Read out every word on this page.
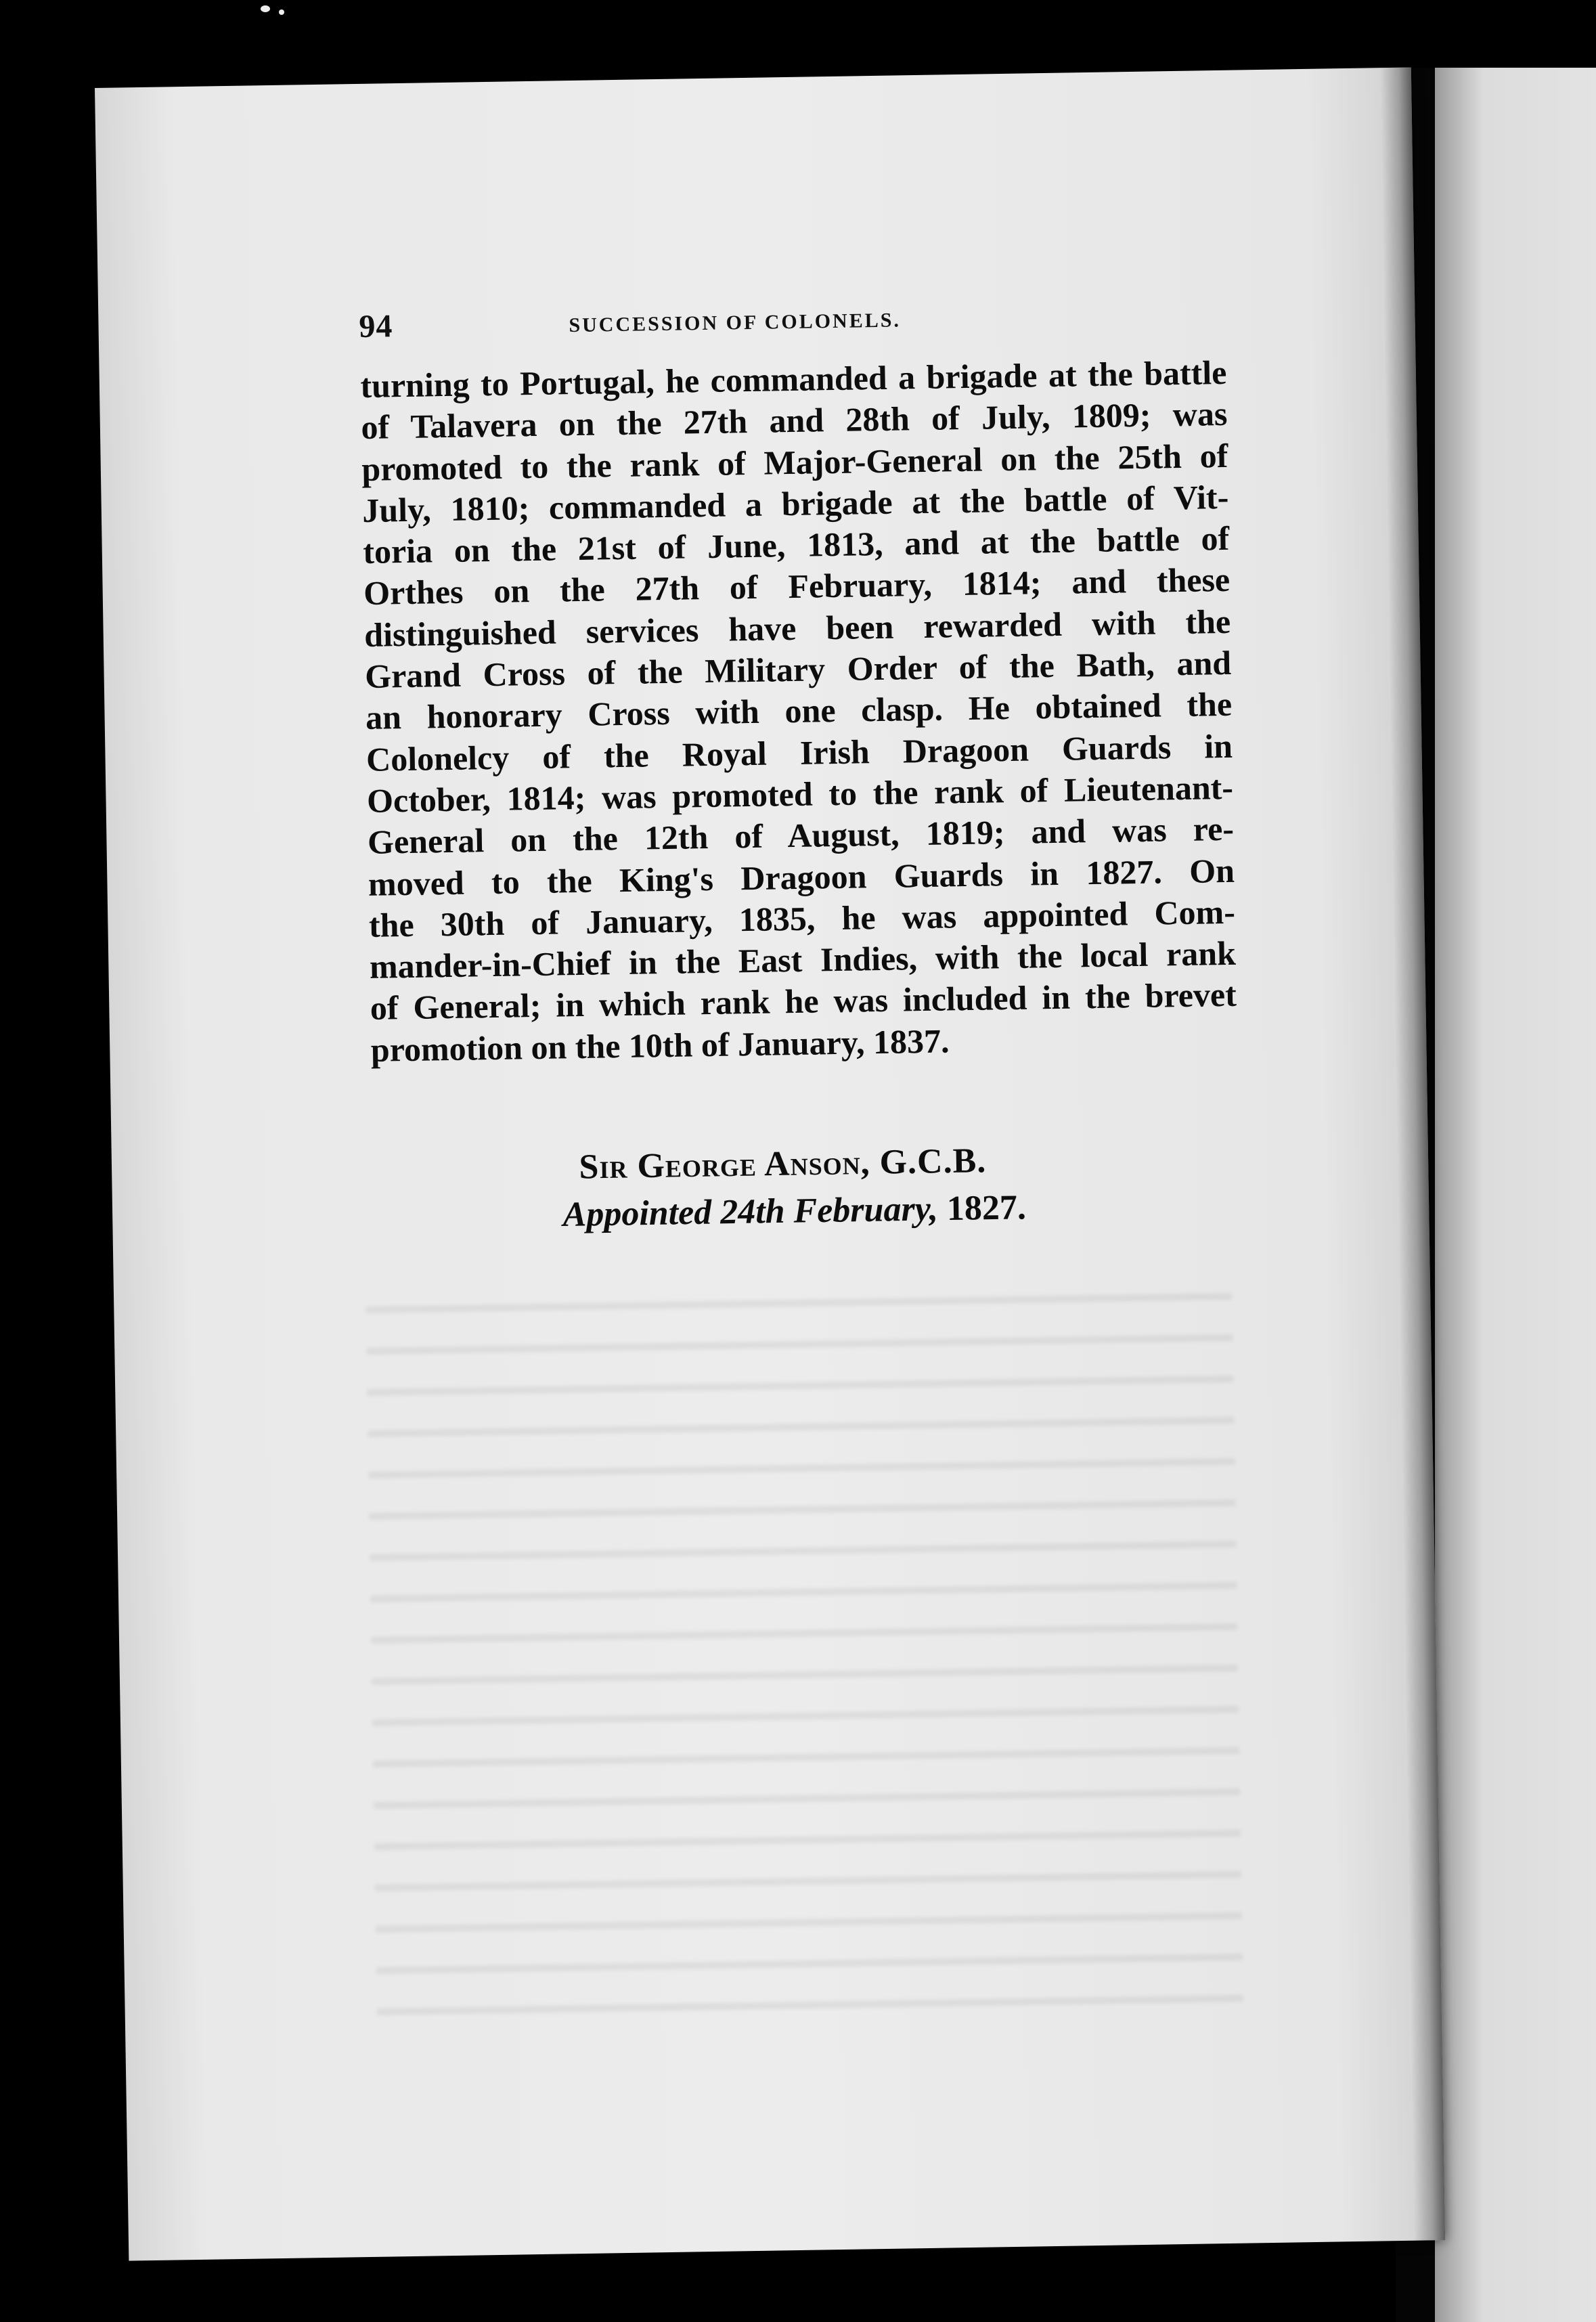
94	SUCCESSION OF COLONELS.
turning to Portugal, he commanded a brigade at the battle
of Talavera on the 27th and 28th of July, 1809; was
promoted to the rank of Major-General on the 25th of
July, 1810; commanded a brigade at the battle of Vit-
toria on the 21st of June, 1813, and at the battle of
Orthes on the 27th of February, 1814; and these
distinguished services have been rewarded with the
Grand Cross of the Military Order of the Bath, and
an honorary Cross with one clasp. He obtained the
Colonelcy of the Royal Irish Dragoon Guards in
October, 1814; was promoted to the rank of Lieutenant-
General on the 12th of August, 1819; and was re-
moved to the King's Dragoon Guards in 1827. On
the 30th of January, 1835, he was appointed Com-
mander-in-Chief in the East Indies, with the local rank
of General; in which rank he was included in the brevet
promotion on the 10th of January, 1837.
Sir George Anson, G.C.B.
Appointed 24th February, 1827.
